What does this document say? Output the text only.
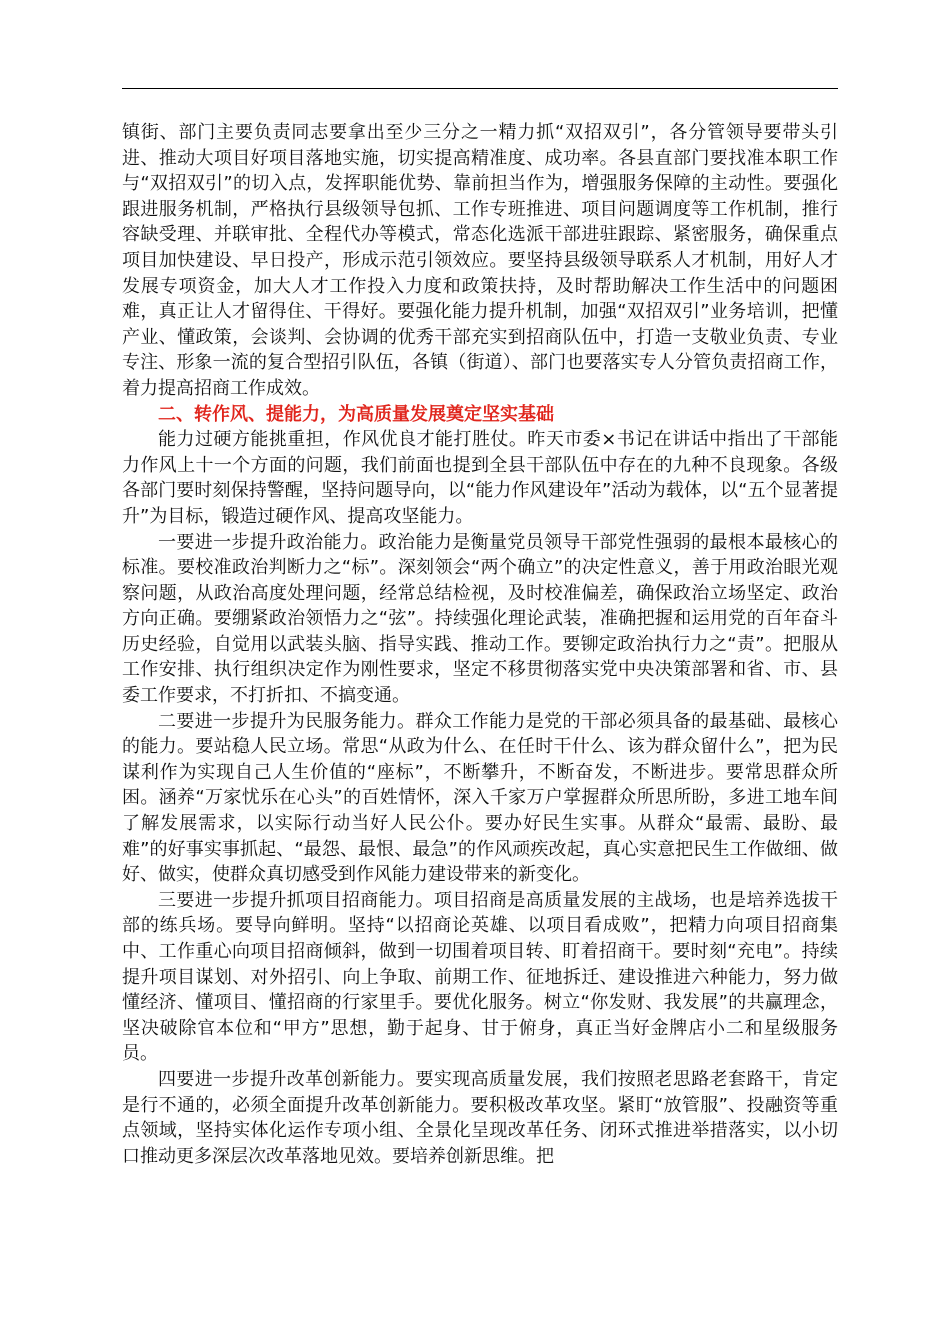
镇街、部门主要负责同志要拿出至少三分之一精力抓“双招双引”，各分管领导要带头引进、推动大项目好项目落地实施，切实提高精准度、成功率。各县直部门要找准本职工作与“双招双引”的切入点，发挥职能优势、靠前担当作为，增强服务保障的主动性。要强化跟进服务机制，严格执行县级领导包抓、工作专班推进、项目问题调度等工作机制，推行容缺受理、并联审批、全程代办等模式，常态化选派干部进驻跟踪、紧密服务，确保重点项目加快建设、早日投产，形成示范引领效应。要坚持县级领导联系人才机制，用好人才发展专项资金，加大人才工作投入力度和政策扶持，及时帮助解决工作生活中的问题困难，真正让人才留得住、干得好。要强化能力提升机制，加强“双招双引”业务培训，把懂产业、懂政策，会谈判、会协调的优秀干部充实到招商队伍中，打造一支敬业负责、专业专注、形象一流的复合型招引队伍，各镇（街道）、部门也要落实专人分管负责招商工作，着力提高招商工作成效。

二、转作风、提能力，为高质量发展奠定坚实基础

能力过硬方能挑重担，作风优良才能打胜仗。昨天市委×书记在讲话中指出了干部能力作风上十一个方面的问题，我们前面也提到全县干部队伍中存在的九种不良现象。各级各部门要时刻保持警醒，坚持问题导向，以“能力作风建设年”活动为载体，以“五个显著提升”为目标，锻造过硬作风、提高攻坚能力。

一要进一步提升政治能力。政治能力是衡量党员领导干部党性强弱的最根本最核心的标准。要校准政治判断力之“标”。深刻领会“两个确立”的决定性意义，善于用政治眼光观察问题，从政治高度处理问题，经常总结检视，及时校准偏差，确保政治立场坚定、政治方向正确。要绷紧政治领悟力之“弦”。持续强化理论武装，准确把握和运用党的百年奋斗历史经验，自觉用以武装头脑、指导实践、推动工作。要铆定政治执行力之“责”。把服从工作安排、执行组织决定作为刚性要求，坚定不移贯彻落实党中央决策部署和省、市、县委工作要求，不打折扣、不搞变通。

二要进一步提升为民服务能力。群众工作能力是党的干部必须具备的最基础、最核心的能力。要站稳人民立场。常思“从政为什么、在任时干什么、该为群众留什么”，把为民谋利作为实现自己人生价值的“座标”，不断攀升，不断奋发，不断进步。要常思群众所困。涵养“万家忧乐在心头”的百姓情怀，深入千家万户掌握群众所思所盼，多进工地车间了解发展需求，以实际行动当好人民公仆。要办好民生实事。从群众“最需、最盼、最难”的好事实事抓起、“最怨、最恨、最急”的作风顽疾改起，真心实意把民生工作做细、做好、做实，使群众真切感受到作风能力建设带来的新变化。

三要进一步提升抓项目招商能力。项目招商是高质量发展的主战场，也是培养选拔干部的练兵场。要导向鲜明。坚持“以招商论英雄、以项目看成败”，把精力向项目招商集中、工作重心向项目招商倾斜，做到一切围着项目转、盯着招商干。要时刻“充电”。持续提升项目谋划、对外招引、向上争取、前期工作、征地拆迁、建设推进六种能力，努力做懂经济、懂项目、懂招商的行家里手。要优化服务。树立“你发财、我发展”的共赢理念，坚决破除官本位和“甲方”思想，勤于起身、甘于俯身，真正当好金牌店小二和星级服务员。

四要进一步提升改革创新能力。要实现高质量发展，我们按照老思路老套路干，肯定是行不通的，必须全面提升改革创新能力。要积极改革攻坚。紧盯“放管服”、投融资等重点领域，坚持实体化运作专项小组、全景化呈现改革任务、闭环式推进举措落实，以小切口推动更多深层次改革落地见效。要培养创新思维。把
